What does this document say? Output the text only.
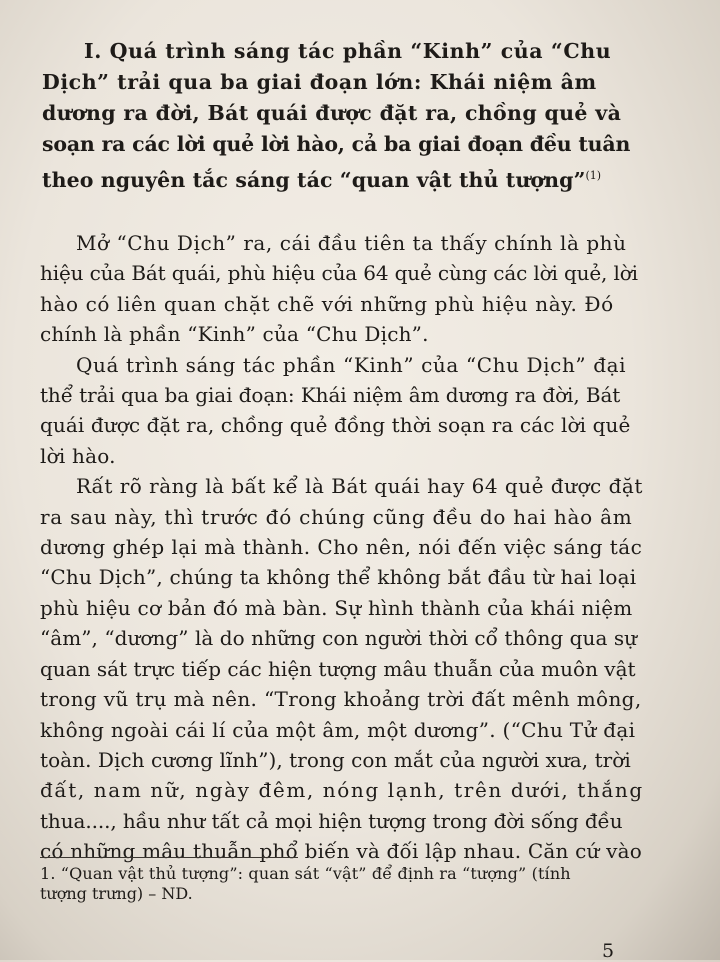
I. Quá trình sáng tác phần “Kinh” của “Chu
Dịch” trải qua ba giai đoạn lớn: Khái niệm âm
dương ra đời, Bát quái được đặt ra, chồng quẻ và
soạn ra các lời quẻ lời hào, cả ba giai đoạn đều tuân
theo nguyên tắc sáng tác “quan vật thủ tượng”$^{(1)}$
Mở “Chu Dịch” ra, cái đầu tiên ta thấy chính là phù
hiệu của Bát quái, phù hiệu của 64 quẻ cùng các lời quẻ, lời
hào có liên quan chặt chẽ với những phù hiệu này. Đó
chính là phần “Kinh” của “Chu Dịch”.
Quá trình sáng tác phần “Kinh” của “Chu Dịch” đại
thể trải qua ba giai đoạn: Khái niệm âm dương ra đời, Bát
quái được đặt ra, chồng quẻ đồng thời soạn ra các lời quẻ
lời hào.
Rất rõ ràng là bất kể là Bát quái hay 64 quẻ được đặt
ra sau này, thì trước đó chúng cũng đều do hai hào âm
dương ghép lại mà thành. Cho nên, nói đến việc sáng tác
“Chu Dịch”, chúng ta không thể không bắt đầu từ hai loại
phù hiệu cơ bản đó mà bàn. Sự hình thành của khái niệm
“âm”, “dương” là do những con người thời cổ thông qua sự
quan sát trực tiếp các hiện tượng mâu thuẫn của muôn vật
trong vũ trụ mà nên. “Trong khoảng trời đất mênh mông,
không ngoài cái lí của một âm, một dương”. (“Chu Tử đại
toàn. Dịch cương lĩnh”), trong con mắt của người xưa, trời
đất, nam nữ, ngày đêm, nóng lạnh, trên dưới, thắng
thua...., hầu như tất cả mọi hiện tượng trong đời sống đều
có những mâu thuẫn phổ biến và đối lập nhau. Căn cứ vào
1. “Quan vật thủ tượng”: quan sát “vật” để định ra “tượng” (tính
tượng trưng) – ND.
5
